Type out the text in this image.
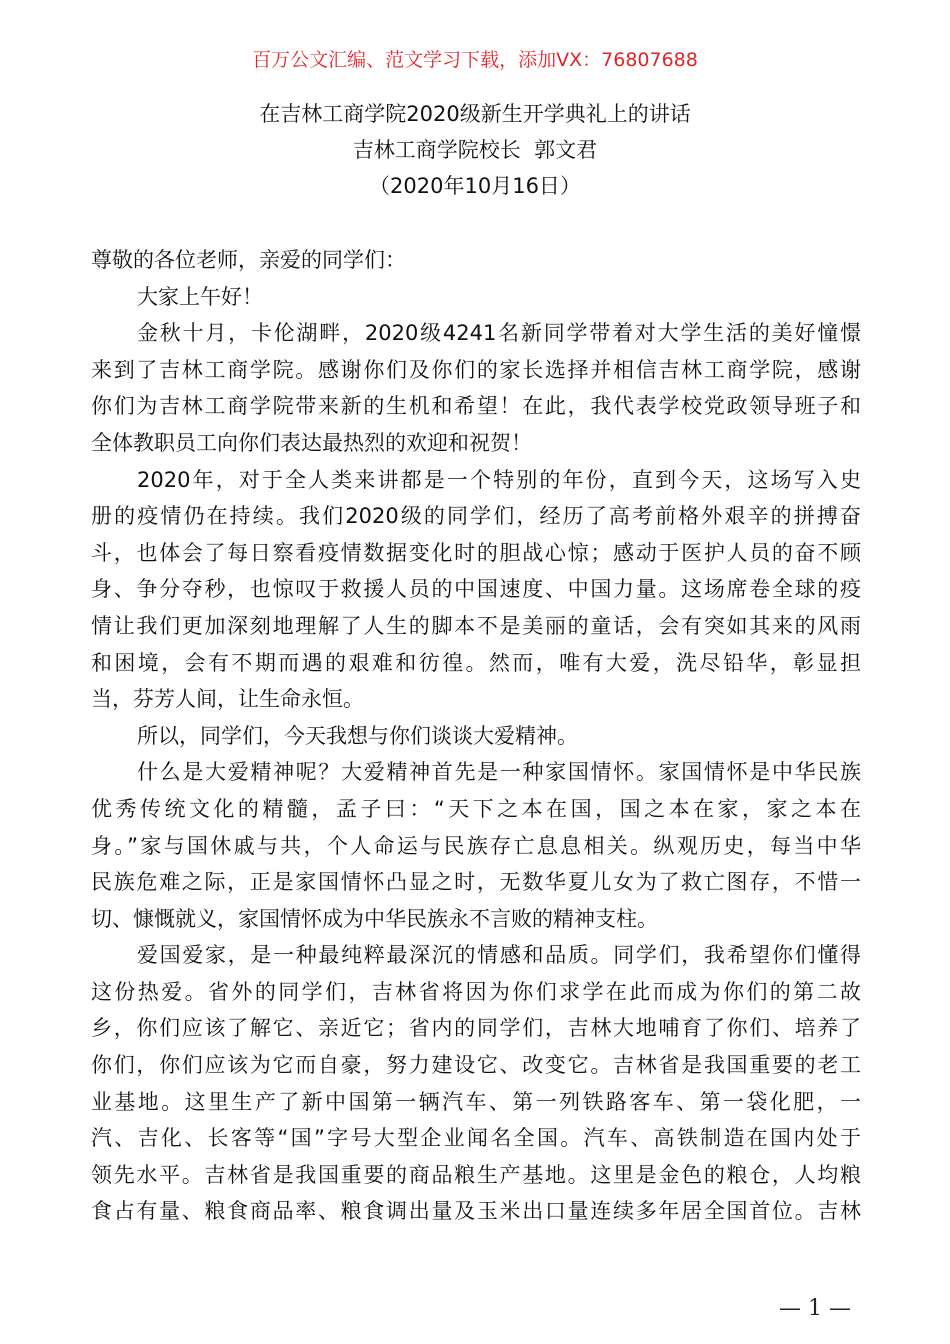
百万公文汇编、范文学习下载，添加VX：76807688
在吉林工商学院2020级新生开学典礼上的讲话
吉林工商学院校长  郭文君
（2020年10月16日）

尊敬的各位老师，亲爱的同学们：

大家上午好！

金秋十月，卡伦湖畔，2020级4241名新同学带着对大学生活的美好憧憬
来到了吉林工商学院。感谢你们及你们的家长选择并相信吉林工商学院，感谢
你们为吉林工商学院带来新的生机和希望！在此，我代表学校党政领导班子和
全体教职员工向你们表达最热烈的欢迎和祝贺！

2020年，对于全人类来讲都是一个特别的年份，直到今天，这场写入史
册的疫情仍在持续。我们2020级的同学们，经历了高考前格外艰辛的拼搏奋
斗，也体会了每日察看疫情数据变化时的胆战心惊；感动于医护人员的奋不顾
身、争分夺秒，也惊叹于救援人员的中国速度、中国力量。这场席卷全球的疫
情让我们更加深刻地理解了人生的脚本不是美丽的童话，会有突如其来的风雨
和困境，会有不期而遇的艰难和彷徨。然而，唯有大爱，洗尽铅华，彰显担
当，芬芳人间，让生命永恒。

所以，同学们，今天我想与你们谈谈大爱精神。

什么是大爱精神呢？大爱精神首先是一种家国情怀。家国情怀是中华民族
优秀传统文化的精髓，孟子曰：“天下之本在国，国之本在家，家之本在
身。”家与国休戚与共，个人命运与民族存亡息息相关。纵观历史，每当中华
民族危难之际，正是家国情怀凸显之时，无数华夏儿女为了救亡图存，不惜一
切、慷慨就义，家国情怀成为中华民族永不言败的精神支柱。

爱国爱家，是一种最纯粹最深沉的情感和品质。同学们，我希望你们懂得
这份热爱。省外的同学们，吉林省将因为你们求学在此而成为你们的第二故
乡，你们应该了解它、亲近它；省内的同学们，吉林大地哺育了你们、培养了
你们，你们应该为它而自豪，努力建设它、改变它。吉林省是我国重要的老工
业基地。这里生产了新中国第一辆汽车、第一列铁路客车、第一袋化肥，一
汽、吉化、长客等“国”字号大型企业闻名全国。汽车、高铁制造在国内处于
领先水平。吉林省是我国重要的商品粮生产基地。这里是金色的粮仓，人均粮
食占有量、粮食商品率、粮食调出量及玉米出口量连续多年居全国首位。吉林

— 1 —
